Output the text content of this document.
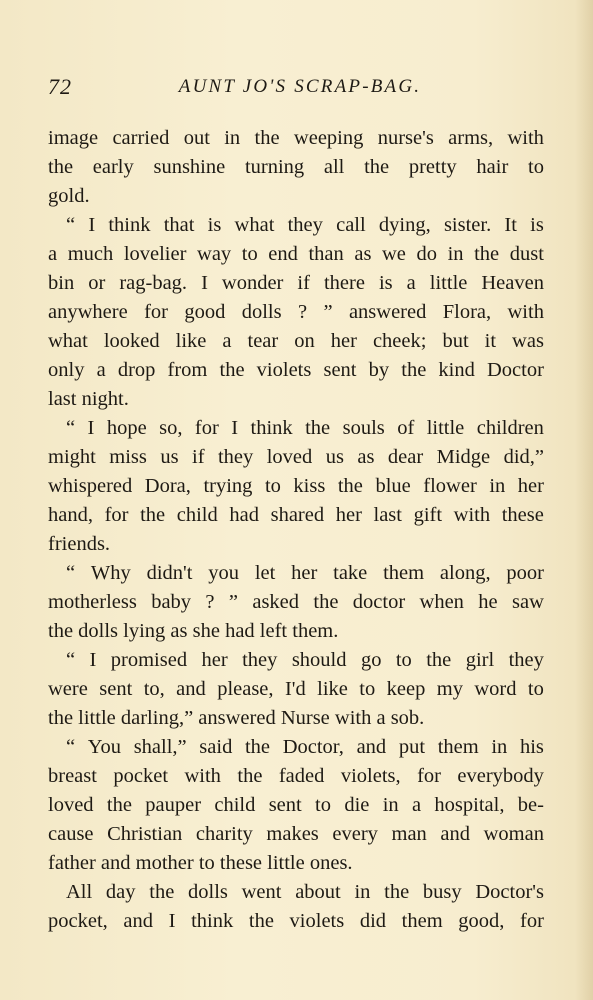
72	AUNT JO'S SCRAP-BAG.
image carried out in the weeping nurse's arms, with
the early sunshine turning all the pretty hair to
gold.
“ I think that is what they call dying, sister. It is
a much lovelier way to end than as we do in the dust
bin or rag-bag. I wonder if there is a little Heaven
anywhere for good dolls ? ” answered Flora, with
what looked like a tear on her cheek; but it was
only a drop from the violets sent by the kind Doctor
last night.
“ I hope so, for I think the souls of little children
might miss us if they loved us as dear Midge did,”
whispered Dora, trying to kiss the blue flower in her
hand, for the child had shared her last gift with these
friends.
“ Why didn't you let her take them along, poor
motherless baby ? ” asked the doctor when he saw
the dolls lying as she had left them.
“ I promised her they should go to the girl they
were sent to, and please, I'd like to keep my word to
the little darling,” answered Nurse with a sob.
“ You shall,” said the Doctor, and put them in his
breast pocket with the faded violets, for everybody
loved the pauper child sent to die in a hospital, be-
cause Christian charity makes every man and woman
father and mother to these little ones.
All day the dolls went about in the busy Doctor's
pocket, and I think the violets did them good, for
